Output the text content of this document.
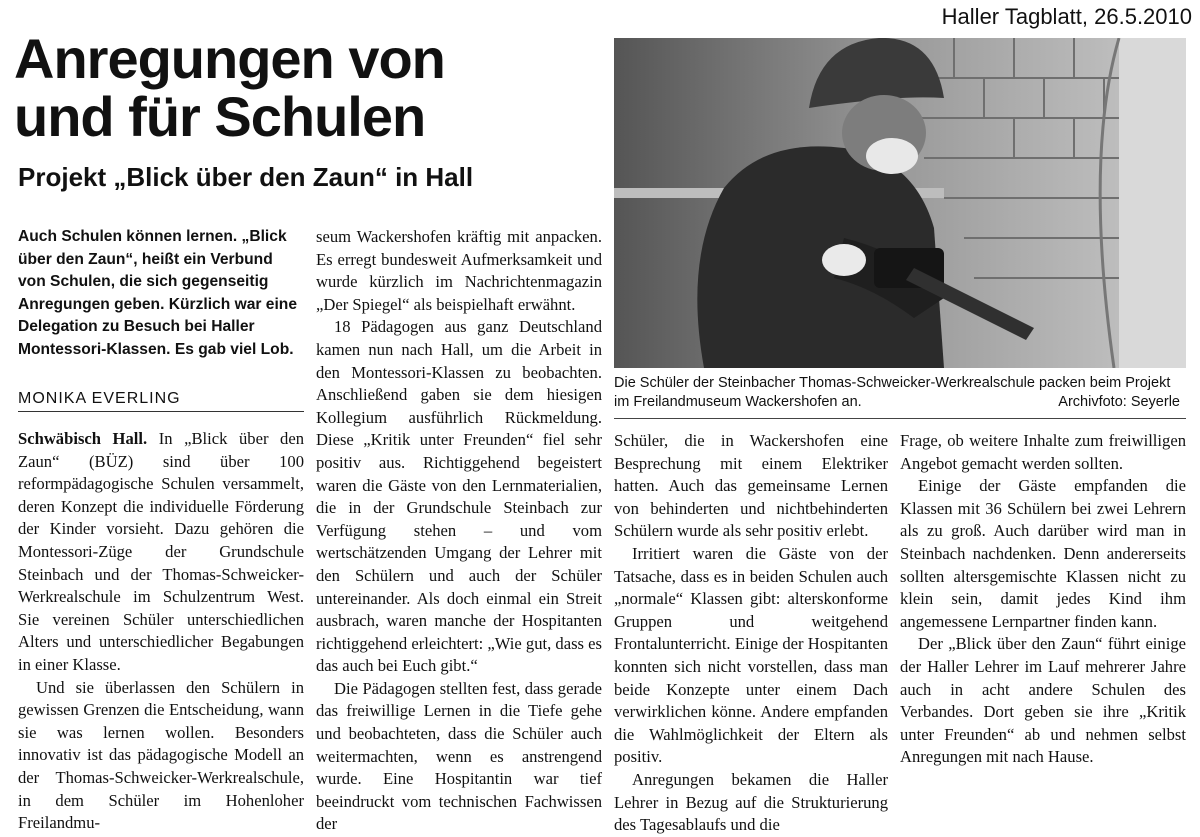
Haller Tagblatt, 26.5.2010
Anregungen von
und für Schulen
Projekt „Blick über den Zaun“ in Hall

Auch Schulen können lernen. „Blick über den Zaun“, heißt ein Verbund von Schulen, die sich gegenseitig Anregungen geben. Kürzlich war eine Delegation zu Besuch bei Haller Montessori-Klassen. Es gab viel Lob.

MONIKA EVERLING

Schwäbisch Hall. In „Blick über den Zaun“ (BÜZ) sind über 100 reformpädagogische Schulen versammelt, deren Konzept die individuelle Förderung der Kinder vorsieht. Dazu gehören die Montessori-Züge der Grundschule Steinbach und der Thomas-Schweicker-Werkrealschule im Schulzentrum West. Sie vereinen Schüler unterschiedlichen Alters und unterschiedlicher Begabungen in einer Klasse.

Und sie überlassen den Schülern in gewissen Grenzen die Entscheidung, wann sie was lernen wollen. Besonders innovativ ist das pädagogische Modell an der Thomas-Schweicker-Werkrealschule, in dem Schüler im Hohenloher Freilandmu-

seum Wackershofen kräftig mit anpacken. Es erregt bundesweit Aufmerksamkeit und wurde kürzlich im Nachrichtenmagazin „Der Spiegel“ als beispielhaft erwähnt.

18 Pädagogen aus ganz Deutschland kamen nun nach Hall, um die Arbeit in den Montessori-Klassen zu beobachten. Anschließend gaben sie dem hiesigen Kollegium ausführlich Rückmeldung. Diese „Kritik unter Freunden“ fiel sehr positiv aus. Richtiggehend begeistert waren die Gäste von den Lernmaterialien, die in der Grundschule Steinbach zur Verfügung stehen – und vom wertschätzenden Umgang der Lehrer mit den Schülern und auch der Schüler untereinander. Als doch einmal ein Streit ausbrach, waren manche der Hospitanten richtiggehend erleichtert: „Wie gut, dass es das auch bei Euch gibt.“

Die Pädagogen stellten fest, dass gerade das freiwillige Lernen in die Tiefe gehe und beobachteten, dass die Schüler auch weitermachten, wenn es anstrengend wurde. Eine Hospitantin war tief beeindruckt vom technischen Fachwissen der

Die Schüler der Steinbacher Thomas-Schweicker-Werkrealschule packen beim Projekt im Freilandmuseum Wackershofen an.	Archivfoto: Seyerle

Schüler, die in Wackershofen eine Besprechung mit einem Elektriker hatten. Auch das gemeinsame Lernen von behinderten und nichtbehinderten Schülern wurde als sehr positiv erlebt.

Irritiert waren die Gäste von der Tatsache, dass es in beiden Schulen auch „normale“ Klassen gibt: alterskonforme Gruppen und weitgehend Frontalunterricht. Einige der Hospitanten konnten sich nicht vorstellen, dass man beide Konzepte unter einem Dach verwirklichen könne. Andere empfanden die Wahlmöglichkeit der Eltern als positiv.

Anregungen bekamen die Haller Lehrer in Bezug auf die Strukturierung des Tagesablaufs und die

Frage, ob weitere Inhalte zum freiwilligen Angebot gemacht werden sollten.

Einige der Gäste empfanden die Klassen mit 36 Schülern bei zwei Lehrern als zu groß. Auch darüber wird man in Steinbach nachdenken. Denn andererseits sollten altersgemischte Klassen nicht zu klein sein, damit jedes Kind ihm angemessene Lernpartner finden kann.

Der „Blick über den Zaun“ führt einige der Haller Lehrer im Lauf mehrerer Jahre auch in acht andere Schulen des Verbandes. Dort geben sie ihre „Kritik unter Freunden“ ab und nehmen selbst Anregungen mit nach Hause.
